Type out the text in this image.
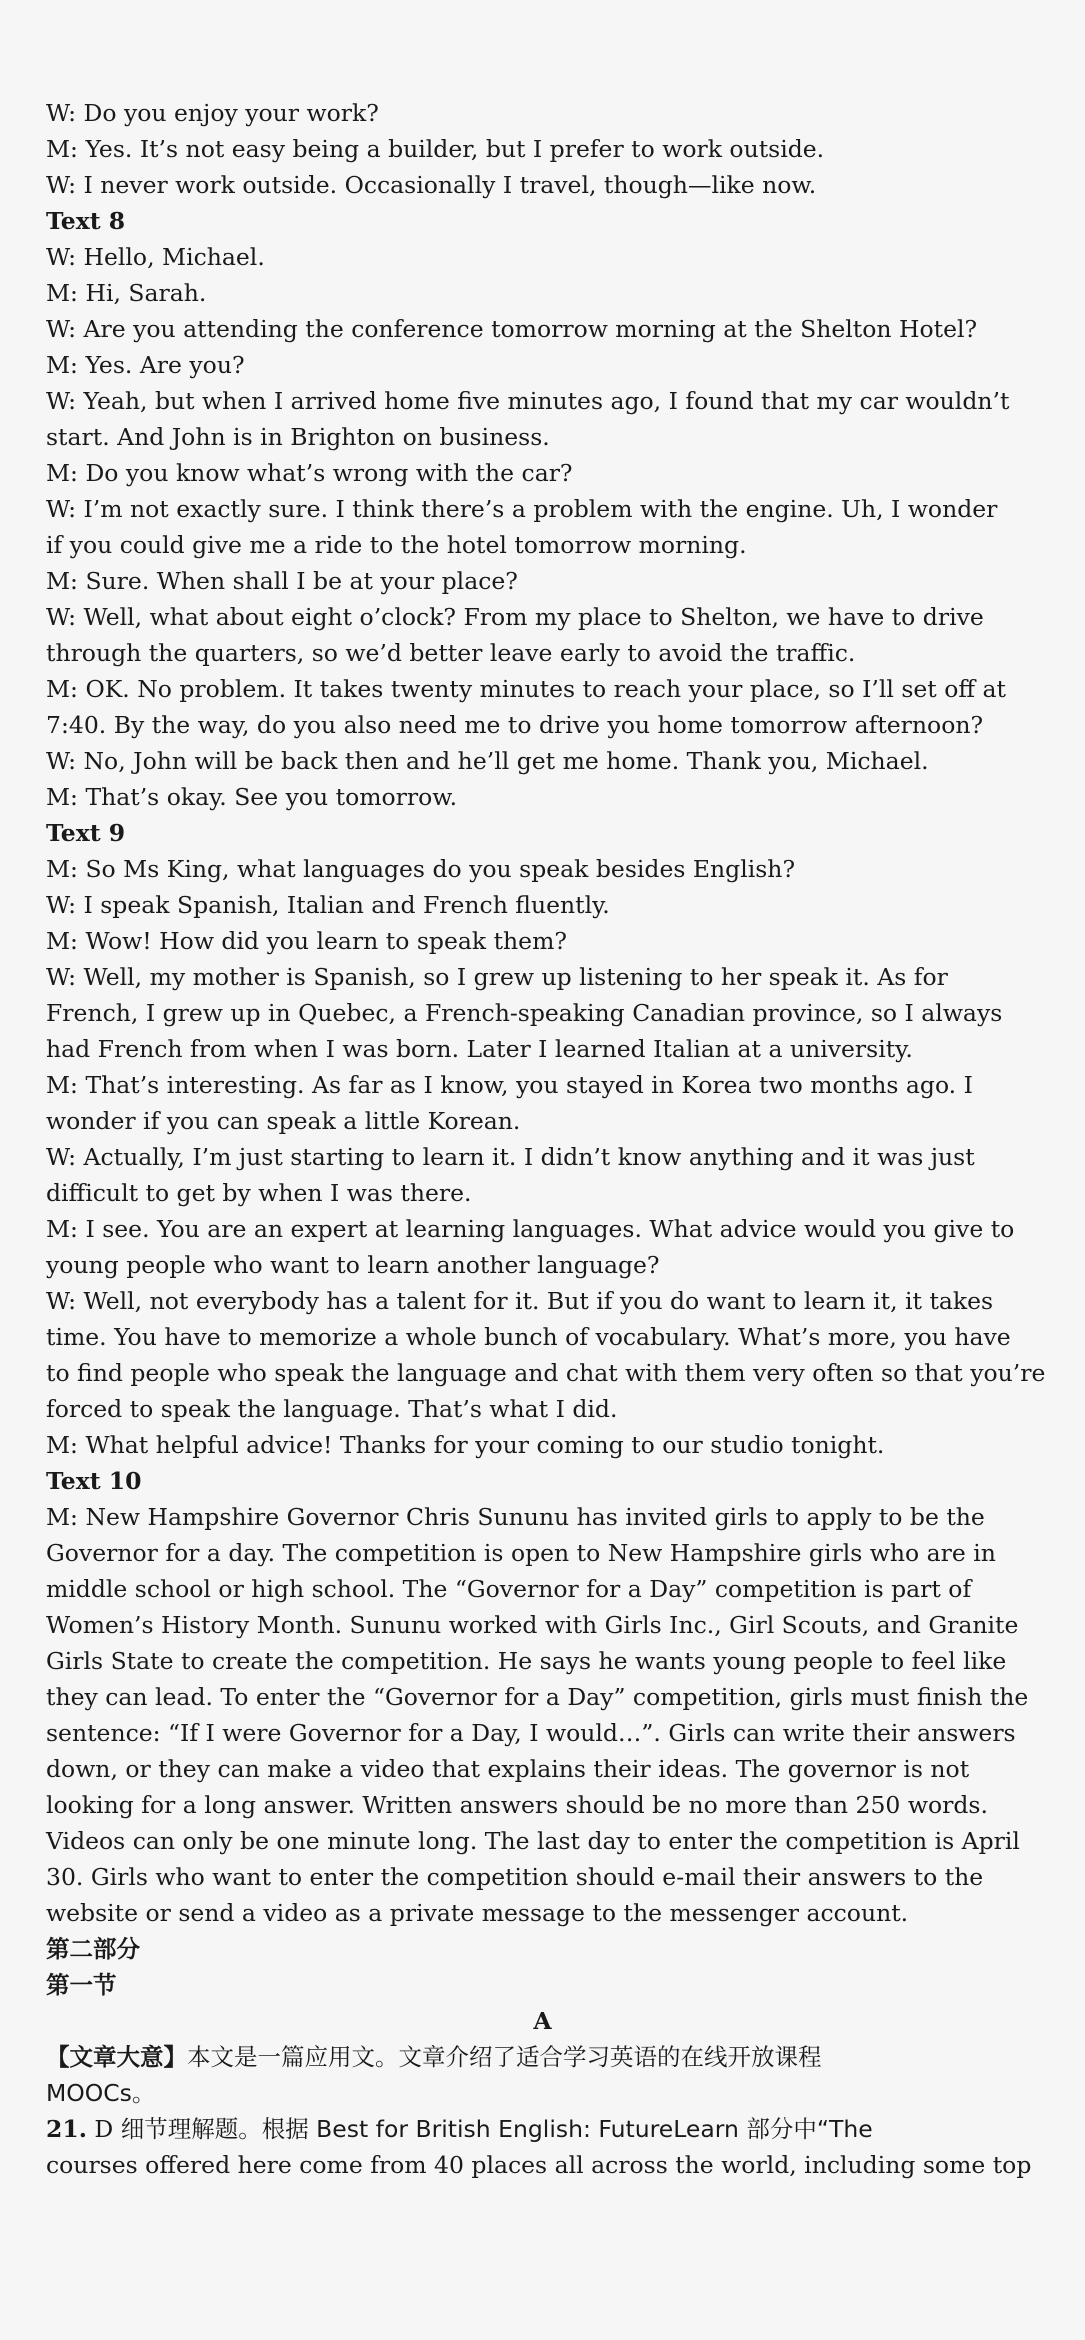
W: Do you enjoy your work?
M: Yes. It’s not easy being a builder, but I prefer to work outside.
W: I never work outside. Occasionally I travel, though—like now.
Text 8
W: Hello, Michael.
M: Hi, Sarah.
W: Are you attending the conference tomorrow morning at the Shelton Hotel?
M: Yes. Are you?
W: Yeah, but when I arrived home five minutes ago, I found that my car wouldn’t
start. And John is in Brighton on business.
M: Do you know what’s wrong with the car?
W: I’m not exactly sure. I think there’s a problem with the engine. Uh, I wonder
if you could give me a ride to the hotel tomorrow morning.
M: Sure. When shall I be at your place?
W: Well, what about eight o’clock? From my place to Shelton, we have to drive
through the quarters, so we’d better leave early to avoid the traffic.
M: OK. No problem. It takes twenty minutes to reach your place, so I’ll set off at
7:40. By the way, do you also need me to drive you home tomorrow afternoon?
W: No, John will be back then and he’ll get me home. Thank you, Michael.
M: That’s okay. See you tomorrow.
Text 9
M: So Ms King, what languages do you speak besides English?
W: I speak Spanish, Italian and French fluently.
M: Wow! How did you learn to speak them?
W: Well, my mother is Spanish, so I grew up listening to her speak it. As for
French, I grew up in Quebec, a French-speaking Canadian province, so I always
had French from when I was born. Later I learned Italian at a university.
M: That’s interesting. As far as I know, you stayed in Korea two months ago. I
wonder if you can speak a little Korean.
W: Actually, I’m just starting to learn it. I didn’t know anything and it was just
difficult to get by when I was there.
M: I see. You are an expert at learning languages. What advice would you give to
young people who want to learn another language?
W: Well, not everybody has a talent for it. But if you do want to learn it, it takes
time. You have to memorize a whole bunch of vocabulary. What’s more, you have
to find people who speak the language and chat with them very often so that you’re
forced to speak the language. That’s what I did.
M: What helpful advice! Thanks for your coming to our studio tonight.
Text 10
M: New Hampshire Governor Chris Sununu has invited girls to apply to be the
Governor for a day. The competition is open to New Hampshire girls who are in
middle school or high school. The “Governor for a Day” competition is part of
Women’s History Month. Sununu worked with Girls Inc., Girl Scouts, and Granite
Girls State to create the competition. He says he wants young people to feel like
they can lead. To enter the “Governor for a Day” competition, girls must finish the
sentence: “If I were Governor for a Day, I would…”. Girls can write their answers
down, or they can make a video that explains their ideas. The governor is not
looking for a long answer. Written answers should be no more than 250 words.
Videos can only be one minute long. The last day to enter the competition is April
30. Girls who want to enter the competition should e-mail their answers to the
website or send a video as a private message to the messenger account.
第二部分
第一节
A
【文章大意】本文是一篇应用文。文章介绍了适合学习英语的在线开放课程
MOOCs。
21. D 细节理解题。根据 Best for British English: FutureLearn 部分中“The
courses offered here come from 40 places all across the world, including some top
